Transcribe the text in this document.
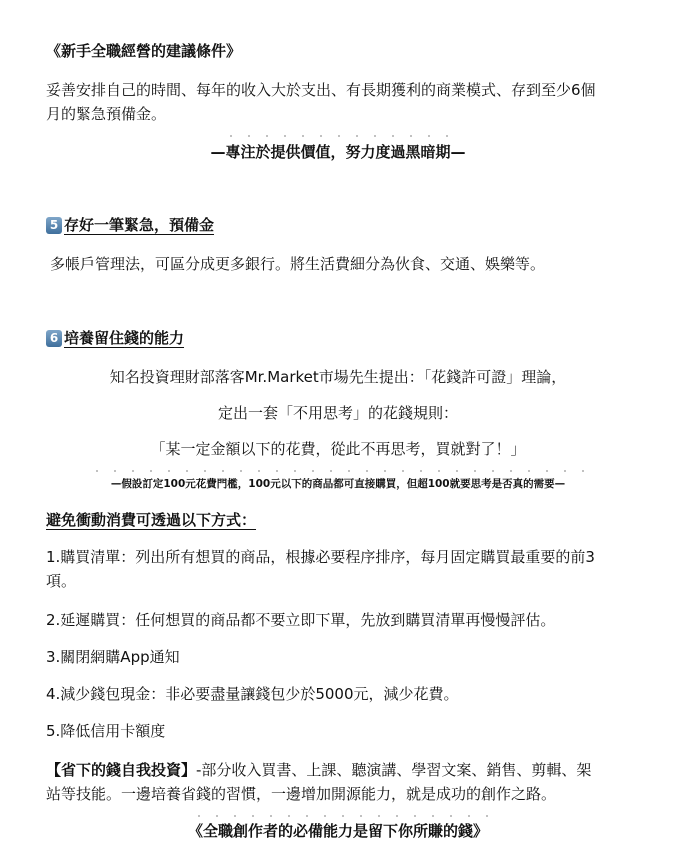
《新手全職經營的建議條件》
妥善安排自己的時間、每年的收入大於支出、有長期獲利的商業模式、存到至少6個
月的緊急預備金。
—專注於提供價值，努力度過黑暗期—
5 存好一筆緊急，預備金
多帳戶管理法，可區分成更多銀行。將生活費細分為伙食、交通、娛樂等。
6 培養留住錢的能力
知名投資理財部落客Mr.Market市場先生提出：「花錢許可證」理論，
定出一套「不用思考」的花錢規則：
「某一定金額以下的花費，從此不再思考，買就對了！」
—假設訂定100元花費門檻，100元以下的商品都可直接購買，但超100就要思考是否真的需要—
避免衝動消費可透過以下方式：
1.購買清單：列出所有想買的商品，根據必要程序排序，每月固定購買最重要的前3
項。
2.延遲購買：任何想買的商品都不要立即下單，先放到購買清單再慢慢評估。
3.關閉網購App通知
4.減少錢包現金：非必要盡量讓錢包少於5000元，減少花費。
5.降低信用卡額度
【省下的錢自我投資】-部分收入買書、上課、聽演講、學習文案、銷售、剪輯、架
站等技能。一邊培養省錢的習慣，一邊增加開源能力，就是成功的創作之路。
《全職創作者的必備能力是留下你所賺的錢》
